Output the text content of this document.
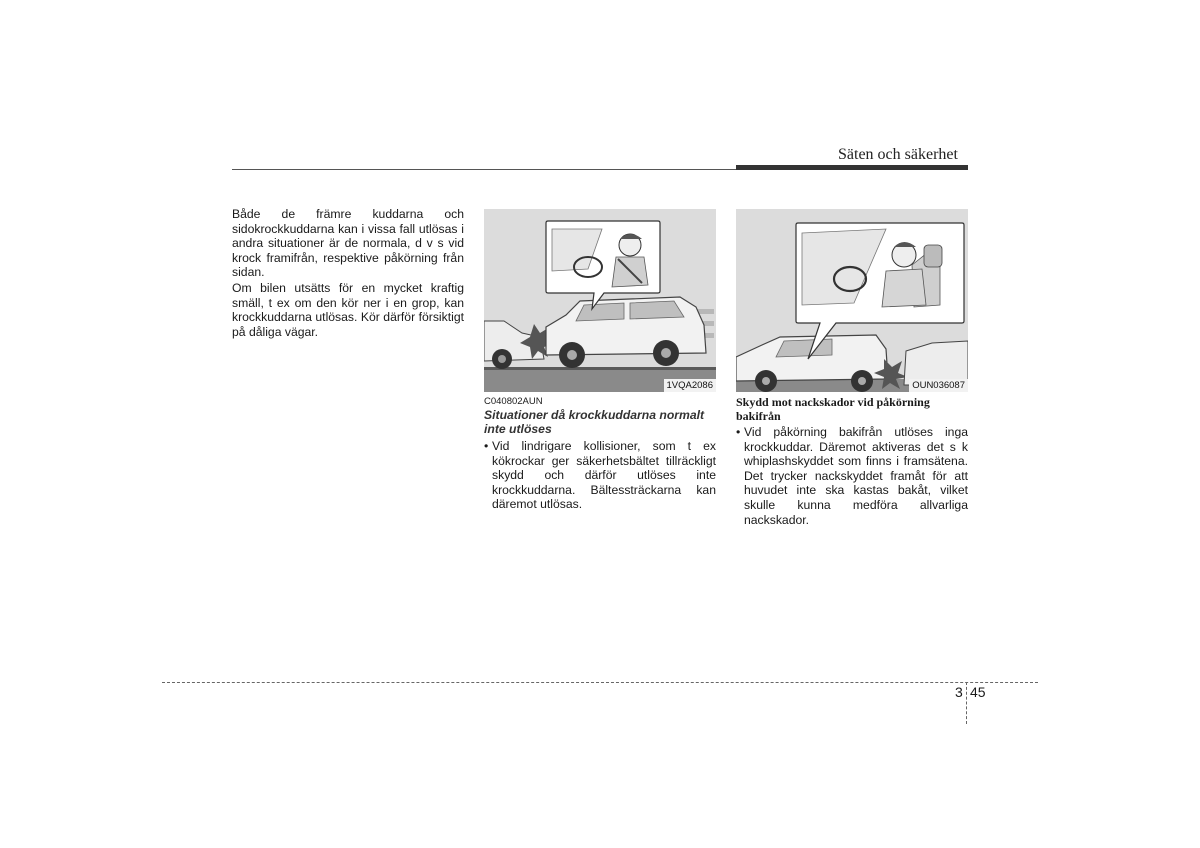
Säten och säkerhet

Både de främre kuddarna och sidokrockkuddarna kan i vissa fall utlösas i andra situationer är de normala, d v s vid krock framifrån, respektive påkörning från sidan.

Om bilen utsätts för en mycket kraftig smäll, t ex om den kör ner i en grop, kan krockkuddarna utlösas. Kör därför försiktigt på dåliga vägar.

1VQA2086
C040802AUN
Situationer då krockkuddarna normalt inte utlöses
• Vid lindrigare kollisioner, som t ex kökrockar ger säkerhetsbältet tillräckligt skydd och därför utlöses inte krockkuddarna. Bältessträckarna kan däremot utlösas.
OUN036087
Skydd mot nackskador vid påkörning bakifrån
• Vid påkörning bakifrån utlöses inga krockkuddar. Däremot aktiveras det s k whiplashskyddet som finns i framsätena. Det trycker nackskyddet framåt för att huvudet inte ska kastas bakåt, vilket skulle kunna medföra allvarliga nackskador.
3 45
